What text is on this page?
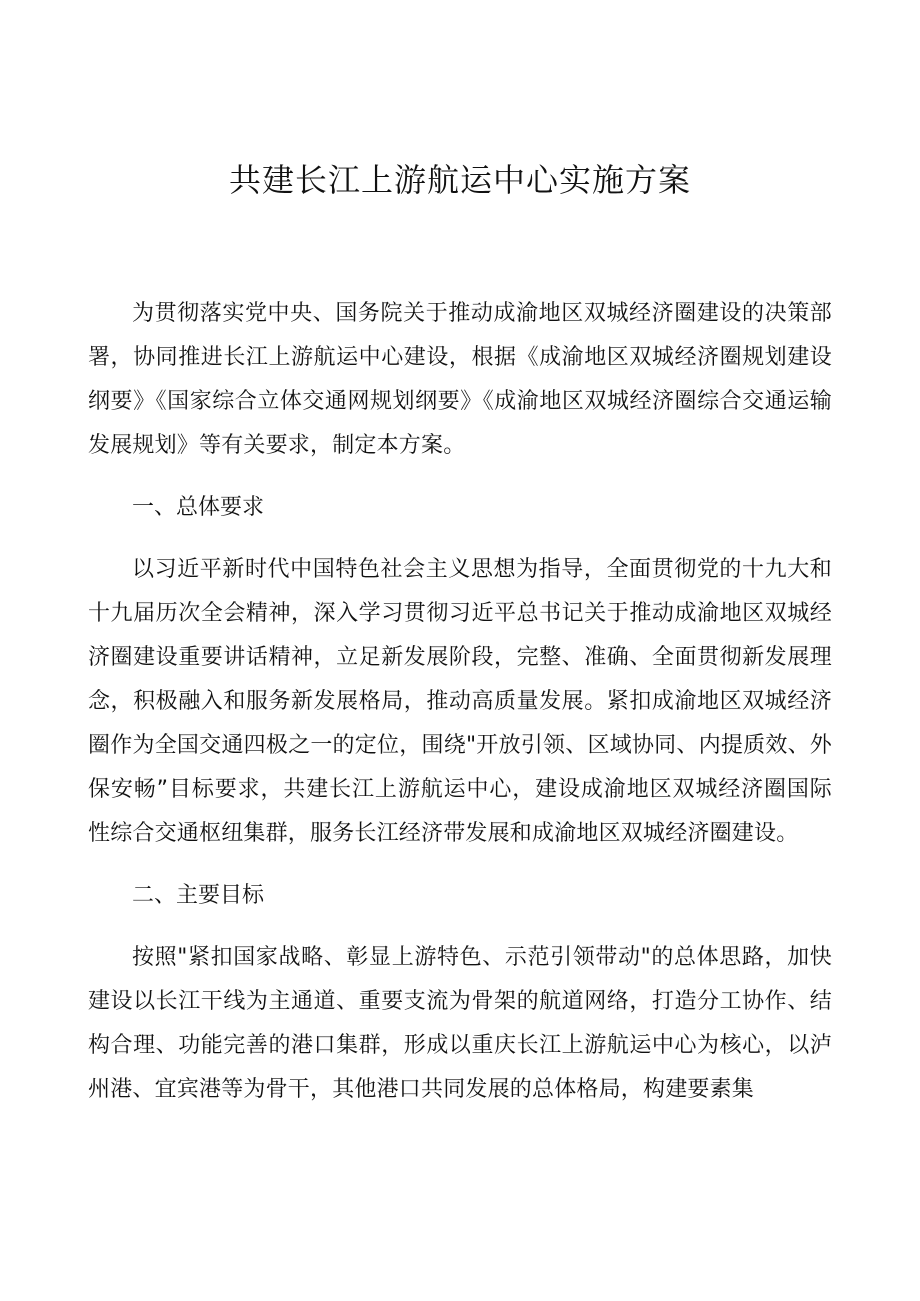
共建长江上游航运中心实施方案

为贯彻落实党中央、国务院关于推动成渝地区双城经济圈建设的决策部署，协同推进长江上游航运中心建设，根据《成渝地区双城经济圈规划建设纲要》《国家综合立体交通网规划纲要》《成渝地区双城经济圈综合交通运输发展规划》等有关要求，制定本方案。

一、总体要求

以习近平新时代中国特色社会主义思想为指导，全面贯彻党的十九大和十九届历次全会精神，深入学习贯彻习近平总书记关于推动成渝地区双城经济圈建设重要讲话精神，立足新发展阶段，完整、准确、全面贯彻新发展理念，积极融入和服务新发展格局，推动高质量发展。紧扣成渝地区双城经济圈作为全国交通四极之一的定位，围绕"开放引领、区域协同、内提质效、外保安畅”目标要求，共建长江上游航运中心，建设成渝地区双城经济圈国际性综合交通枢纽集群，服务长江经济带发展和成渝地区双城经济圈建设。

二、主要目标

按照"紧扣国家战略、彰显上游特色、示范引领带动"的总体思路，加快建设以长江干线为主通道、重要支流为骨架的航道网络，打造分工协作、结构合理、功能完善的港口集群，形成以重庆长江上游航运中心为核心，以泸州港、宜宾港等为骨干，其他港口共同发展的总体格局，构建要素集
